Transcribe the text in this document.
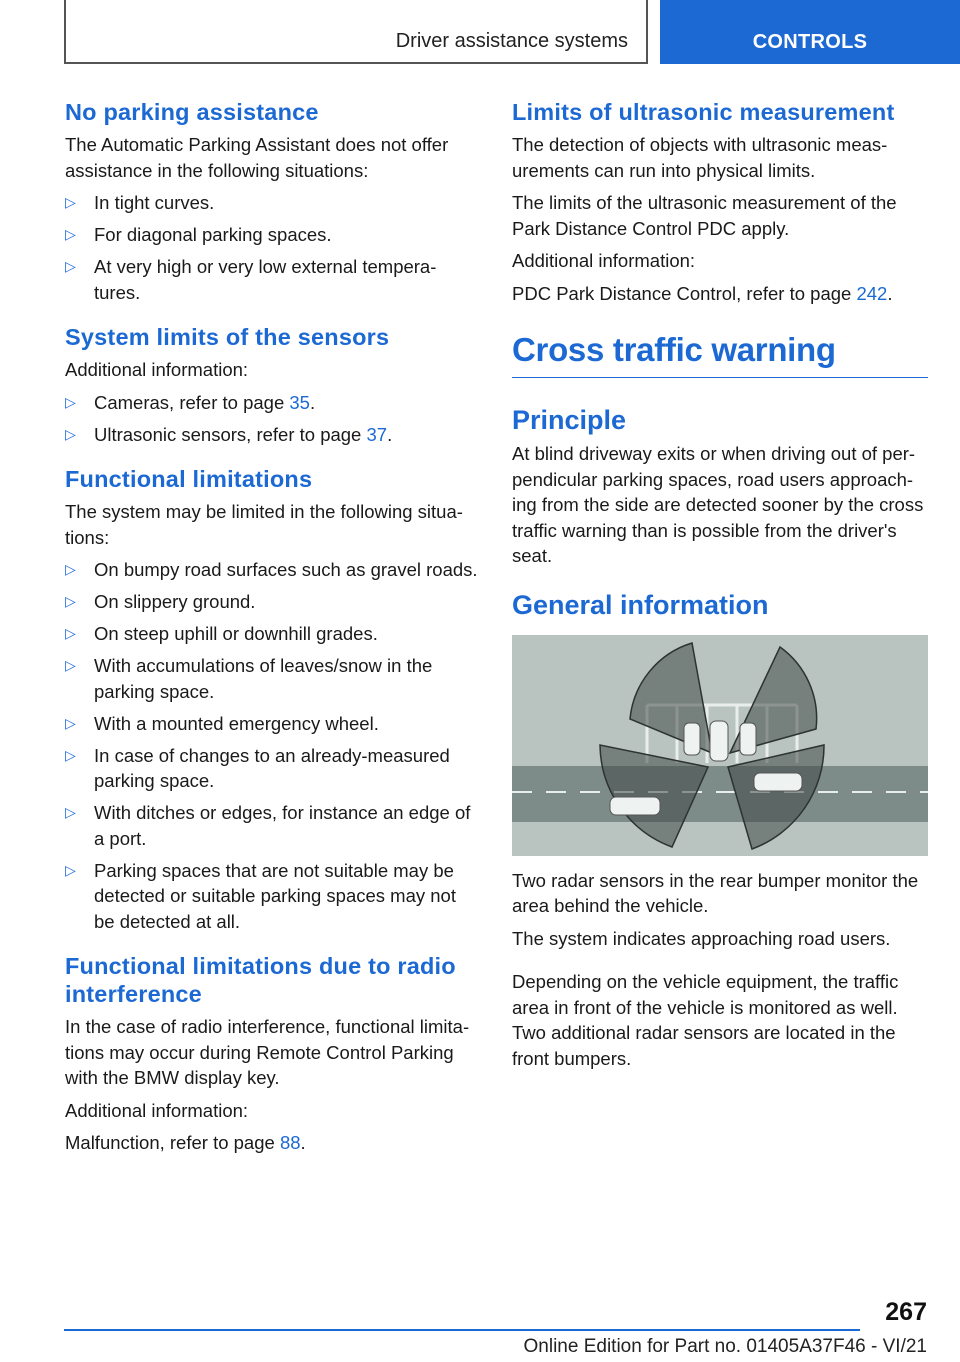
Driver assistance systems	CONTROLS
No parking assistance

The Automatic Parking Assistant does not offer assistance in the following situations:

▷ In tight curves.
▷ For diagonal parking spaces.
▷ At very high or very low external tempera‐tures.
System limits of the sensors

Additional information:

▷ Cameras, refer to page 35.
▷ Ultrasonic sensors, refer to page 37.
Functional limitations

The system may be limited in the following situa‐tions:

▷ On bumpy road surfaces such as gravel roads.
▷ On slippery ground.
▷ On steep uphill or downhill grades.
▷ With accumulations of leaves/snow in the parking space.
▷ With a mounted emergency wheel.
▷ In case of changes to an already-measured parking space.
▷ With ditches or edges, for instance an edge of a port.
▷ Parking spaces that are not suitable may be detected or suitable parking spaces may not be detected at all.
Functional limitations due to radio interference

In the case of radio interference, functional limita‐tions may occur during Remote Control Parking with the BMW display key.

Additional information:

Malfunction, refer to page 88.

Limits of ultrasonic measurement

The detection of objects with ultrasonic meas‐urements can run into physical limits.

The limits of the ultrasonic measurement of the Park Distance Control PDC apply.

Additional information:

PDC Park Distance Control, refer to page 242.

Cross traffic warning
Principle

At blind driveway exits or when driving out of per‐pendicular parking spaces, road users approach‐ing from the side are detected sooner by the cross traffic warning than is possible from the driver's seat.

General information

Two radar sensors in the rear bumper monitor the area behind the vehicle.

The system indicates approaching road users.

Depending on the vehicle equipment, the traffic area in front of the vehicle is monitored as well. Two additional radar sensors are located in the front bumpers.

267
Online Edition for Part no. 01405A37F46 - VI/21
